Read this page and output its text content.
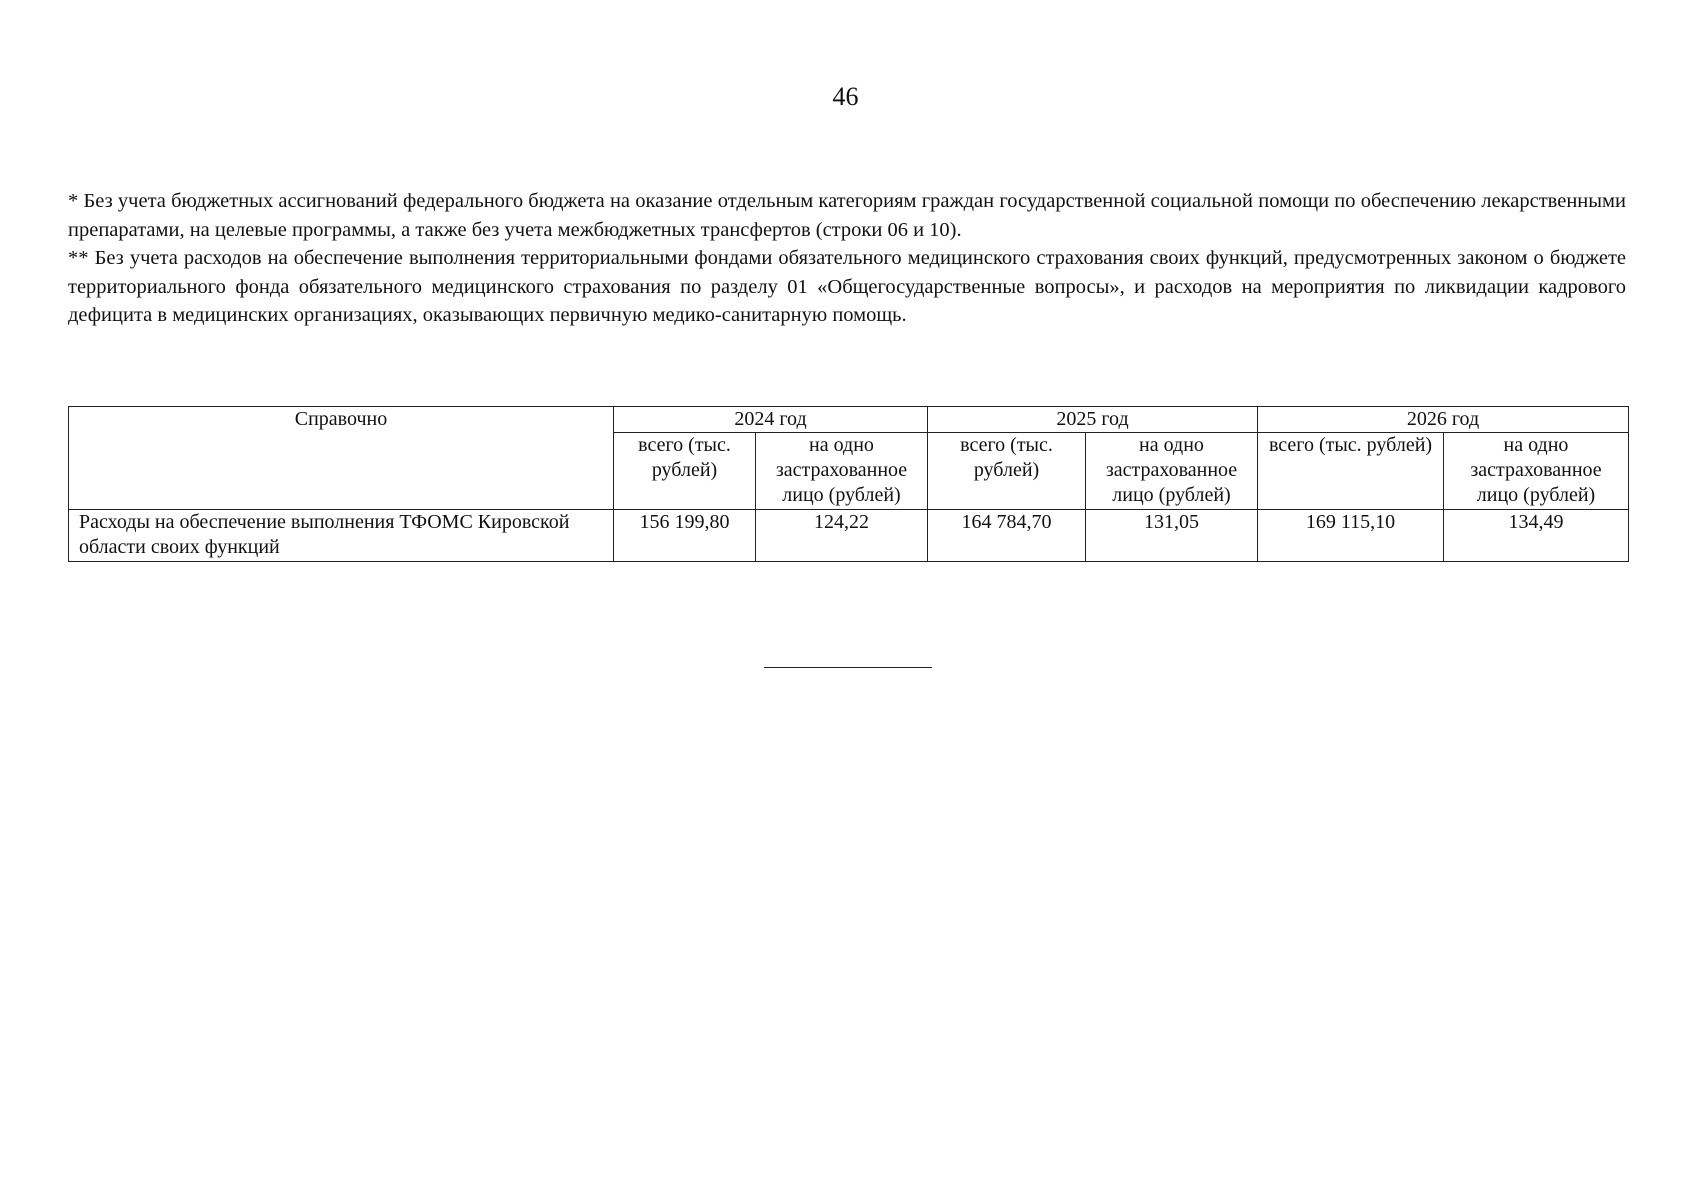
46

* Без учета бюджетных ассигнований федерального бюджета на оказание отдельным категориям граждан государственной социальной помощи по обеспечению лекарственными препаратами, на целевые программы, а также без учета межбюджетных трансфертов (строки 06 и 10).

** Без учета расходов на обеспечение выполнения территориальными фондами обязательного медицинского страхования своих функций, предусмотренных законом о бюджете территориального фонда обязательного медицинского страхования по разделу 01 «Общегосударственные вопросы», и расходов на мероприятия по ликвидации кадрового дефицита в медицинских организациях, оказывающих первичную медико-санитарную помощь.

Справочно	2024 год		2025 год		2026 год	
	всего (тыс. рублей)	на одно застрахованное лицо (рублей)	всего (тыс. рублей)	на одно застрахованное лицо (рублей)	всего (тыс. рублей)	на одно застрахованное лицо (рублей)
Расходы на обеспечение выполнения ТФОМС Кировской области своих функций	156 199,80	124,22	164 784,70	131,05	169 115,10	134,49
